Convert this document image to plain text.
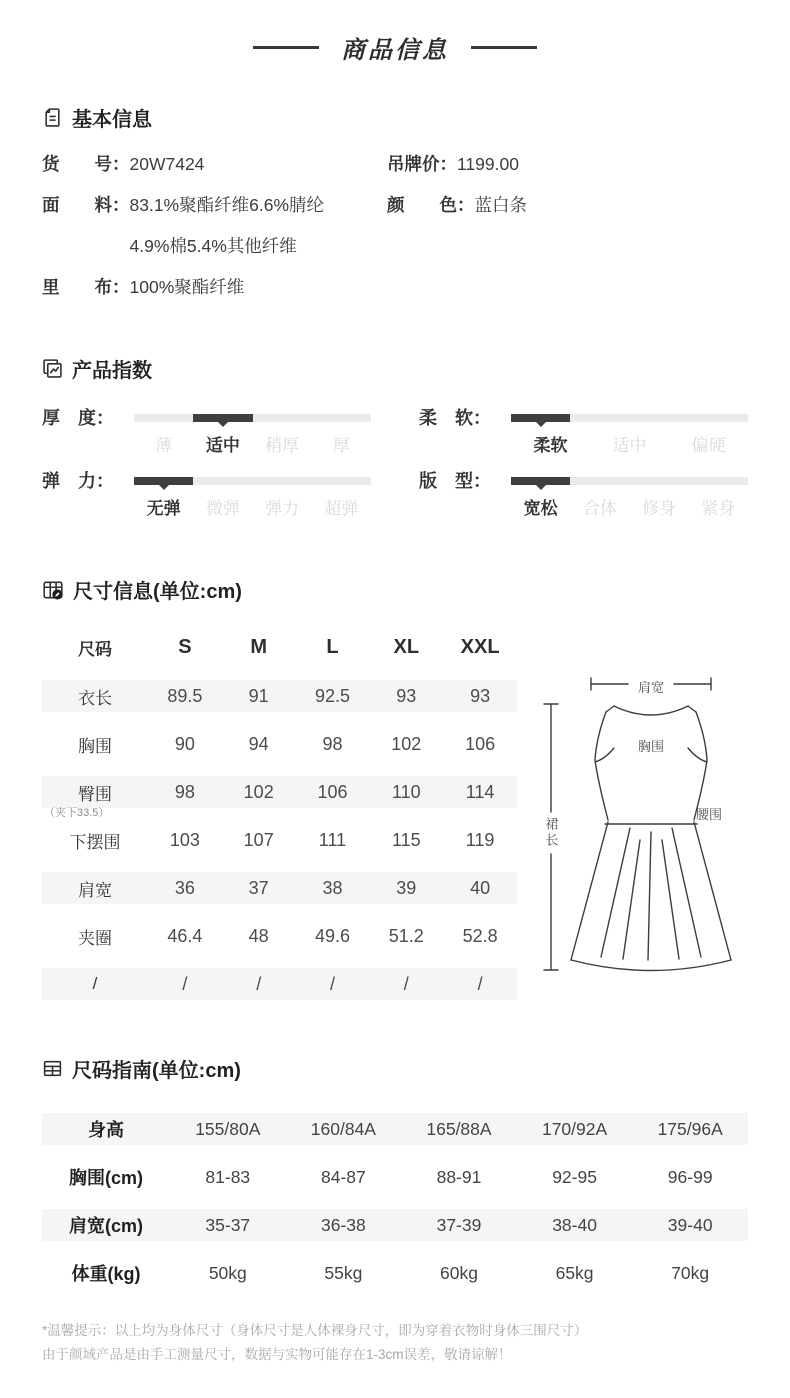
商品信息
基本信息
货　　号： 20W7424
面　　料： 83.1%聚酯纤维6.6%腈纶
4.9%棉5.4%其他纤维
里　　布： 100%聚酯纤维
吊牌价： 1199.00
颜　　色： 蓝白条
产品指数
厚　度：
薄	适中	稍厚	厚
柔　软：
柔软	适中	偏硬
弹　力：
无弹	微弹	弹力	超弹
版　型：
宽松	合体	修身	紧身
尺寸信息(单位:cm)
尺码	S	M	L	XL	XXL

衣长	89.5	91	92.5	93	93

胸围	90	94	98	102	106

臀围
（夹下33.5）	98	102	106	110	114

下摆围	103	107	111	115	119

肩宽	36	37	38	39	40

夹圈	46.4	48	49.6	51.2	52.8

/	/	/	/	/	/
肩宽
胸围
腰围
裙长
尺码指南(单位:cm)
身高	155/80A	160/84A	165/88A	170/92A	175/96A
胸围(cm)	81-83	84-87	88-91	92-95	96-99
肩宽(cm)	35-37	36-38	37-39	38-40	39-40
体重(kg)	50kg	55kg	60kg	65kg	70kg
*温馨提示：以上均为身体尺寸（身体尺寸是人体裸身尺寸，即为穿着衣物时身体三围尺寸）
由于颜域产品是由手工测量尺寸，数据与实物可能存在1-3cm误差，敬请谅解！
